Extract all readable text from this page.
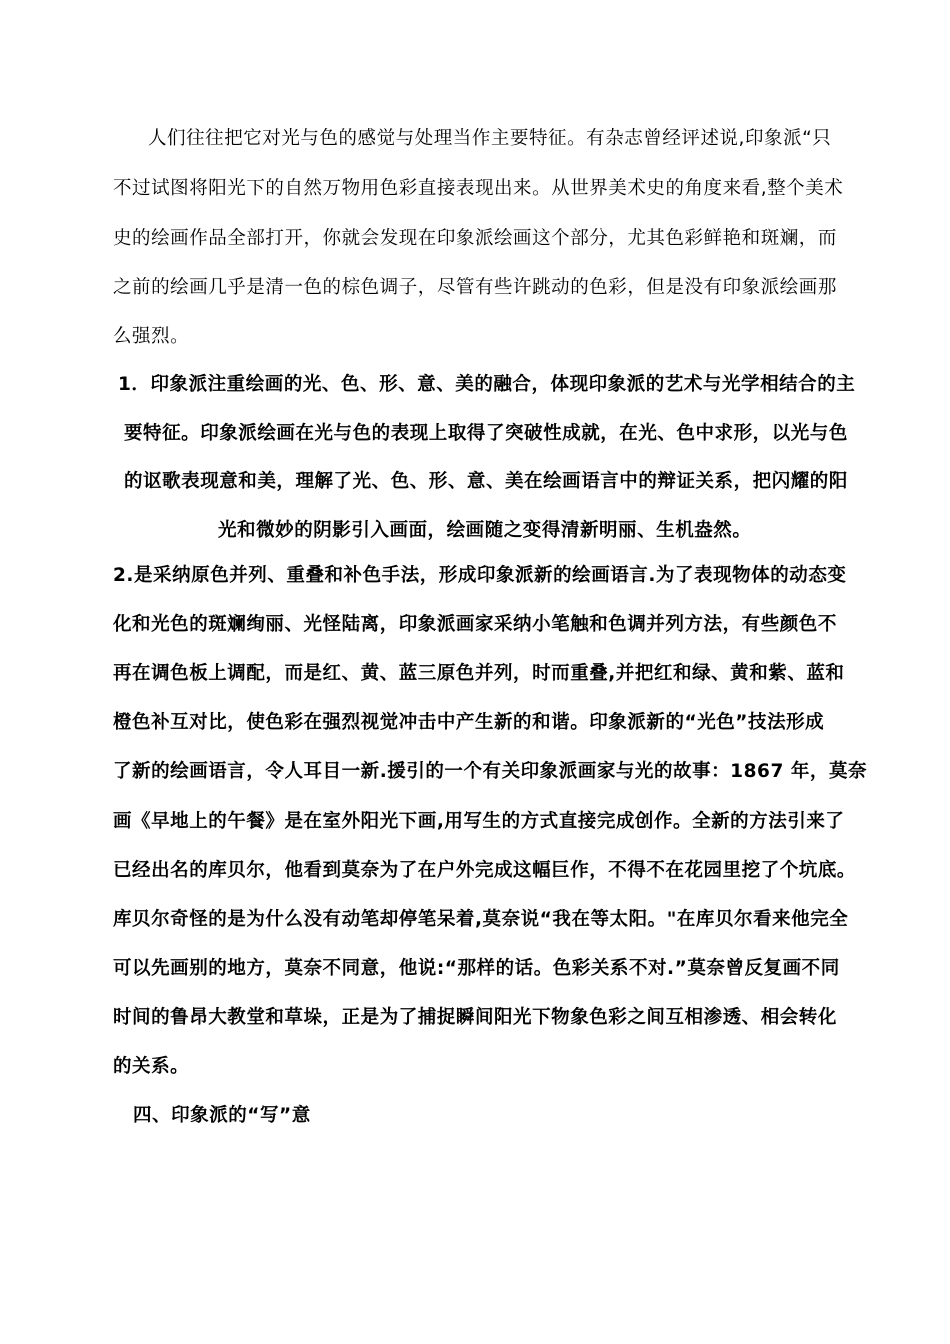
人们往往把它对光与色的感觉与处理当作主要特征。有杂志曾经评述说,印象派“只
不过试图将阳光下的自然万物用色彩直接表现出来。从世界美术史的角度来看,整个美术
史的绘画作品全部打开，你就会发现在印象派绘画这个部分，尤其色彩鲜艳和斑斓，而
之前的绘画几乎是清一色的棕色调子，尽管有些许跳动的色彩，但是没有印象派绘画那
么强烈。
1．印象派注重绘画的光、色、形、意、美的融合，体现印象派的艺术与光学相结合的主
要特征。印象派绘画在光与色的表现上取得了突破性成就，在光、色中求形，以光与色
的讴歌表现意和美，理解了光、色、形、意、美在绘画语言中的辩证关系，把闪耀的阳
光和微妙的阴影引入画面，绘画随之变得清新明丽、生机盎然。
2.是采纳原色并列、重叠和补色手法，形成印象派新的绘画语言.为了表现物体的动态变
化和光色的斑斓绚丽、光怪陆离，印象派画家采纳小笔触和色调并列方法，有些颜色不
再在调色板上调配，而是红、黄、蓝三原色并列，时而重叠,并把红和绿、黄和紫、蓝和
橙色补互对比，使色彩在强烈视觉冲击中产生新的和谐。印象派新的“光色”技法形成
了新的绘画语言，令人耳目一新.援引的一个有关印象派画家与光的故事：1867 年，莫奈
画《早地上的午餐》是在室外阳光下画,用写生的方式直接完成创作。全新的方法引来了
已经出名的库贝尔，他看到莫奈为了在户外完成这幅巨作，不得不在花园里挖了个坑底。
库贝尔奇怪的是为什么没有动笔却停笔呆着,莫奈说“我在等太阳。"在库贝尔看来他完全
可以先画别的地方，莫奈不同意，他说:“那样的话。色彩关系不对.”莫奈曾反复画不同
时间的鲁昂大教堂和草垛，正是为了捕捉瞬间阳光下物象色彩之间互相渗透、相会转化
的关系。
四、印象派的“写”意
